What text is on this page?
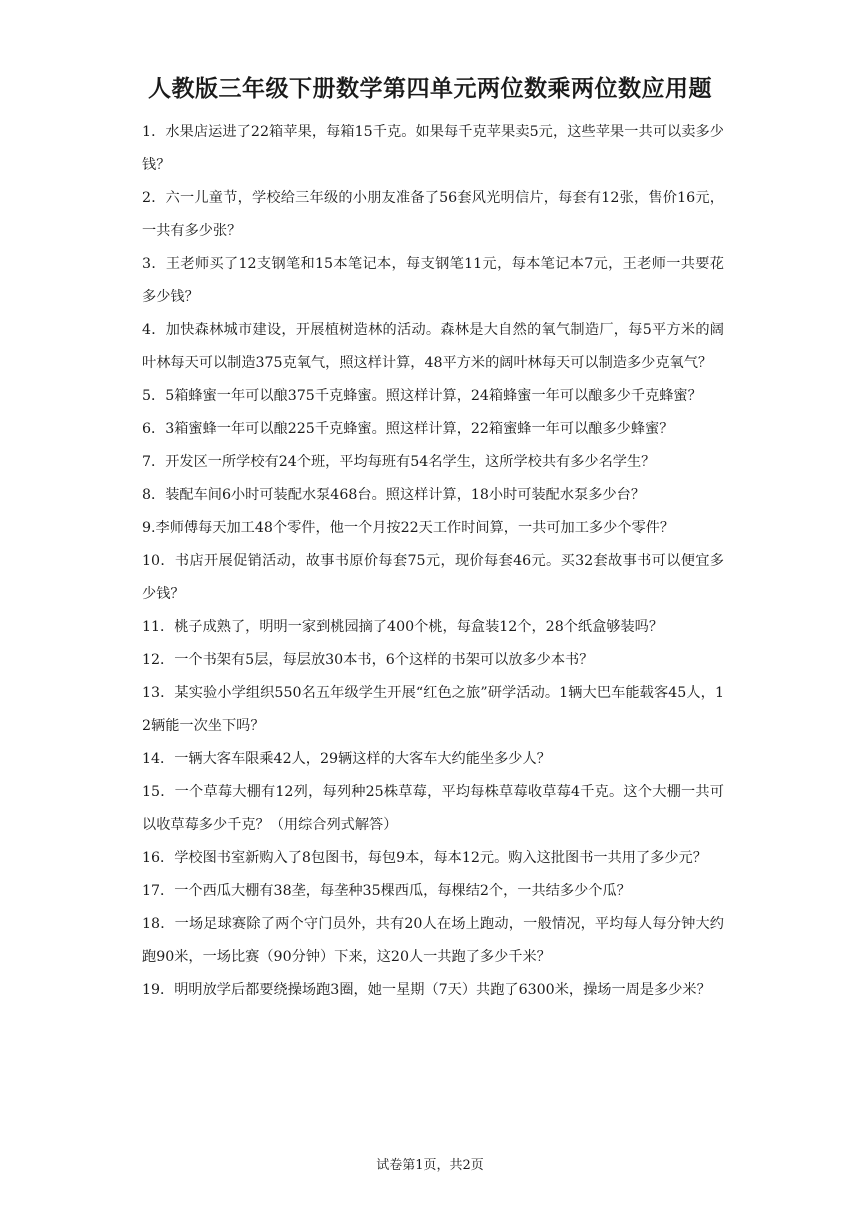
人教版三年级下册数学第四单元两位数乘两位数应用题
1．水果店运进了22箱苹果，每箱15千克。如果每千克苹果卖5元，这些苹果一共可以卖多少钱？
2．六一儿童节，学校给三年级的小朋友准备了56套风光明信片，每套有12张，售价16元，一共有多少张？
3．王老师买了12支钢笔和15本笔记本，每支钢笔11元，每本笔记本7元，王老师一共要花多少钱？
4．加快森林城市建设，开展植树造林的活动。森林是大自然的氧气制造厂，每5平方米的阔叶林每天可以制造375克氧气，照这样计算，48平方米的阔叶林每天可以制造多少克氧气？
5．5箱蜂蜜一年可以酿375千克蜂蜜。照这样计算，24箱蜂蜜一年可以酿多少千克蜂蜜？
6．3箱蜜蜂一年可以酿225千克蜂蜜。照这样计算，22箱蜜蜂一年可以酿多少蜂蜜？
7．开发区一所学校有24个班，平均每班有54名学生，这所学校共有多少名学生？
8．装配车间6小时可装配水泵468台。照这样计算，18小时可装配水泵多少台？
9.李师傅每天加工48个零件，他一个月按22天工作时间算，一共可加工多少个零件？
10．书店开展促销活动，故事书原价每套75元，现价每套46元。买32套故事书可以便宜多少钱？
11．桃子成熟了，明明一家到桃园摘了400个桃，每盒装12个，28个纸盒够装吗？
12．一个书架有5层，每层放30本书，6个这样的书架可以放多少本书？
13．某实验小学组织550名五年级学生开展“红色之旅”研学活动。1辆大巴车能载客45人，12辆能一次坐下吗？
14．一辆大客车限乘42人，29辆这样的大客车大约能坐多少人？
15．一个草莓大棚有12列，每列种25株草莓，平均每株草莓收草莓4千克。这个大棚一共可以收草莓多少千克？（用综合列式解答）
16．学校图书室新购入了8包图书，每包9本，每本12元。购入这批图书一共用了多少元？
17．一个西瓜大棚有38垄，每垄种35棵西瓜，每棵结2个，一共结多少个瓜？
18．一场足球赛除了两个守门员外，共有20人在场上跑动，一般情况，平均每人每分钟大约跑90米，一场比赛（90分钟）下来，这20人一共跑了多少千米？
19．明明放学后都要绕操场跑3圈，她一星期（7天）共跑了6300米，操场一周是多少米？
试卷第1页，共2页
